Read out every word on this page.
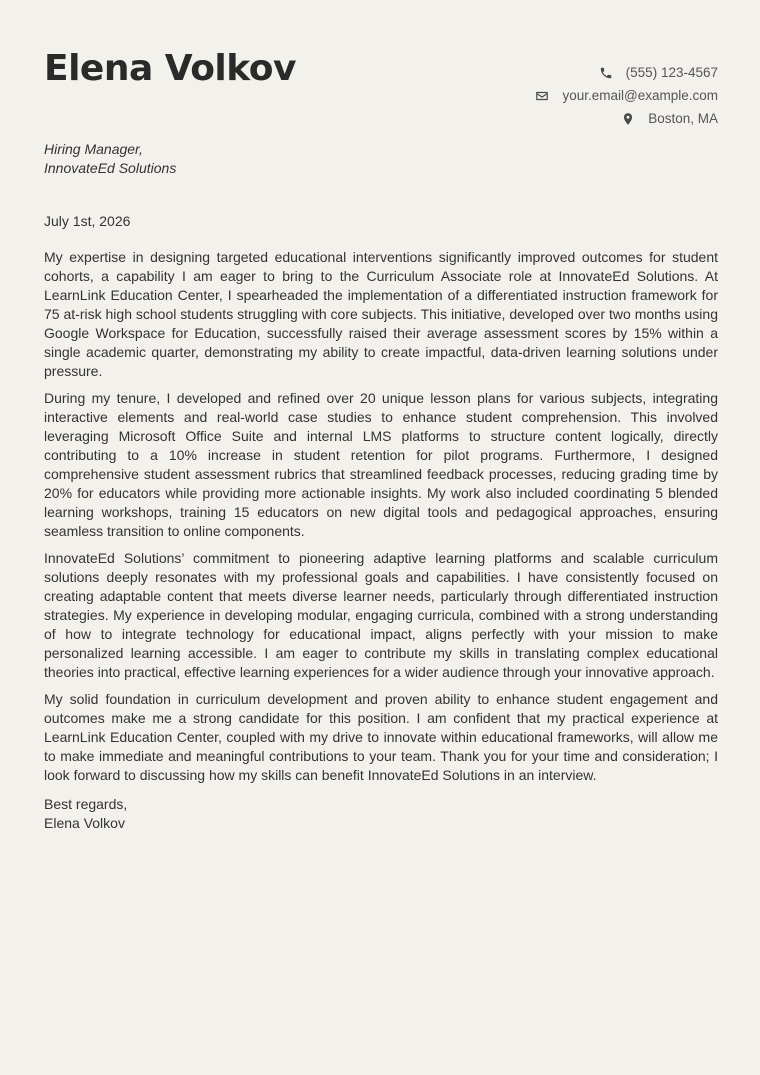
Elena Volkov	(555) 123-4567
your.email@example.com
Boston, MA
Hiring Manager,
InnovateEd Solutions
July 1st, 2026

My expertise in designing targeted educational interventions significantly improved outcomes for student cohorts, a capability I am eager to bring to the Curriculum Associate role at InnovateEd Solutions. At LearnLink Education Center, I spearheaded the implementation of a differentiated instruction framework for 75 at-risk high school students struggling with core subjects. This initiative, developed over two months using Google Workspace for Education, successfully raised their average assessment scores by 15% within a single academic quarter, demonstrating my ability to create impactful, data-driven learning solutions under pressure.

During my tenure, I developed and refined over 20 unique lesson plans for various subjects, integrating interactive elements and real-world case studies to enhance student comprehension. This involved leveraging Microsoft Office Suite and internal LMS platforms to structure content logically, directly contributing to a 10% increase in student retention for pilot programs. Furthermore, I designed comprehensive student assessment rubrics that streamlined feedback processes, reducing grading time by 20% for educators while providing more actionable insights. My work also included coordinating 5 blended learning workshops, training 15 educators on new digital tools and pedagogical approaches, ensuring seamless transition to online components.

InnovateEd Solutions’ commitment to pioneering adaptive learning platforms and scalable curriculum solutions deeply resonates with my professional goals and capabilities. I have consistently focused on creating adaptable content that meets diverse learner needs, particularly through differentiated instruction strategies. My experience in developing modular, engaging curricula, combined with a strong understanding of how to integrate technology for educational impact, aligns perfectly with your mission to make personalized learning accessible. I am eager to contribute my skills in translating complex educational theories into practical, effective learning experiences for a wider audience through your innovative approach.

My solid foundation in curriculum development and proven ability to enhance student engagement and outcomes make me a strong candidate for this position. I am confident that my practical experience at LearnLink Education Center, coupled with my drive to innovate within educational frameworks, will allow me to make immediate and meaningful contributions to your team. Thank you for your time and consideration; I look forward to discussing how my skills can benefit InnovateEd Solutions in an interview.

Best regards,
Elena Volkov
